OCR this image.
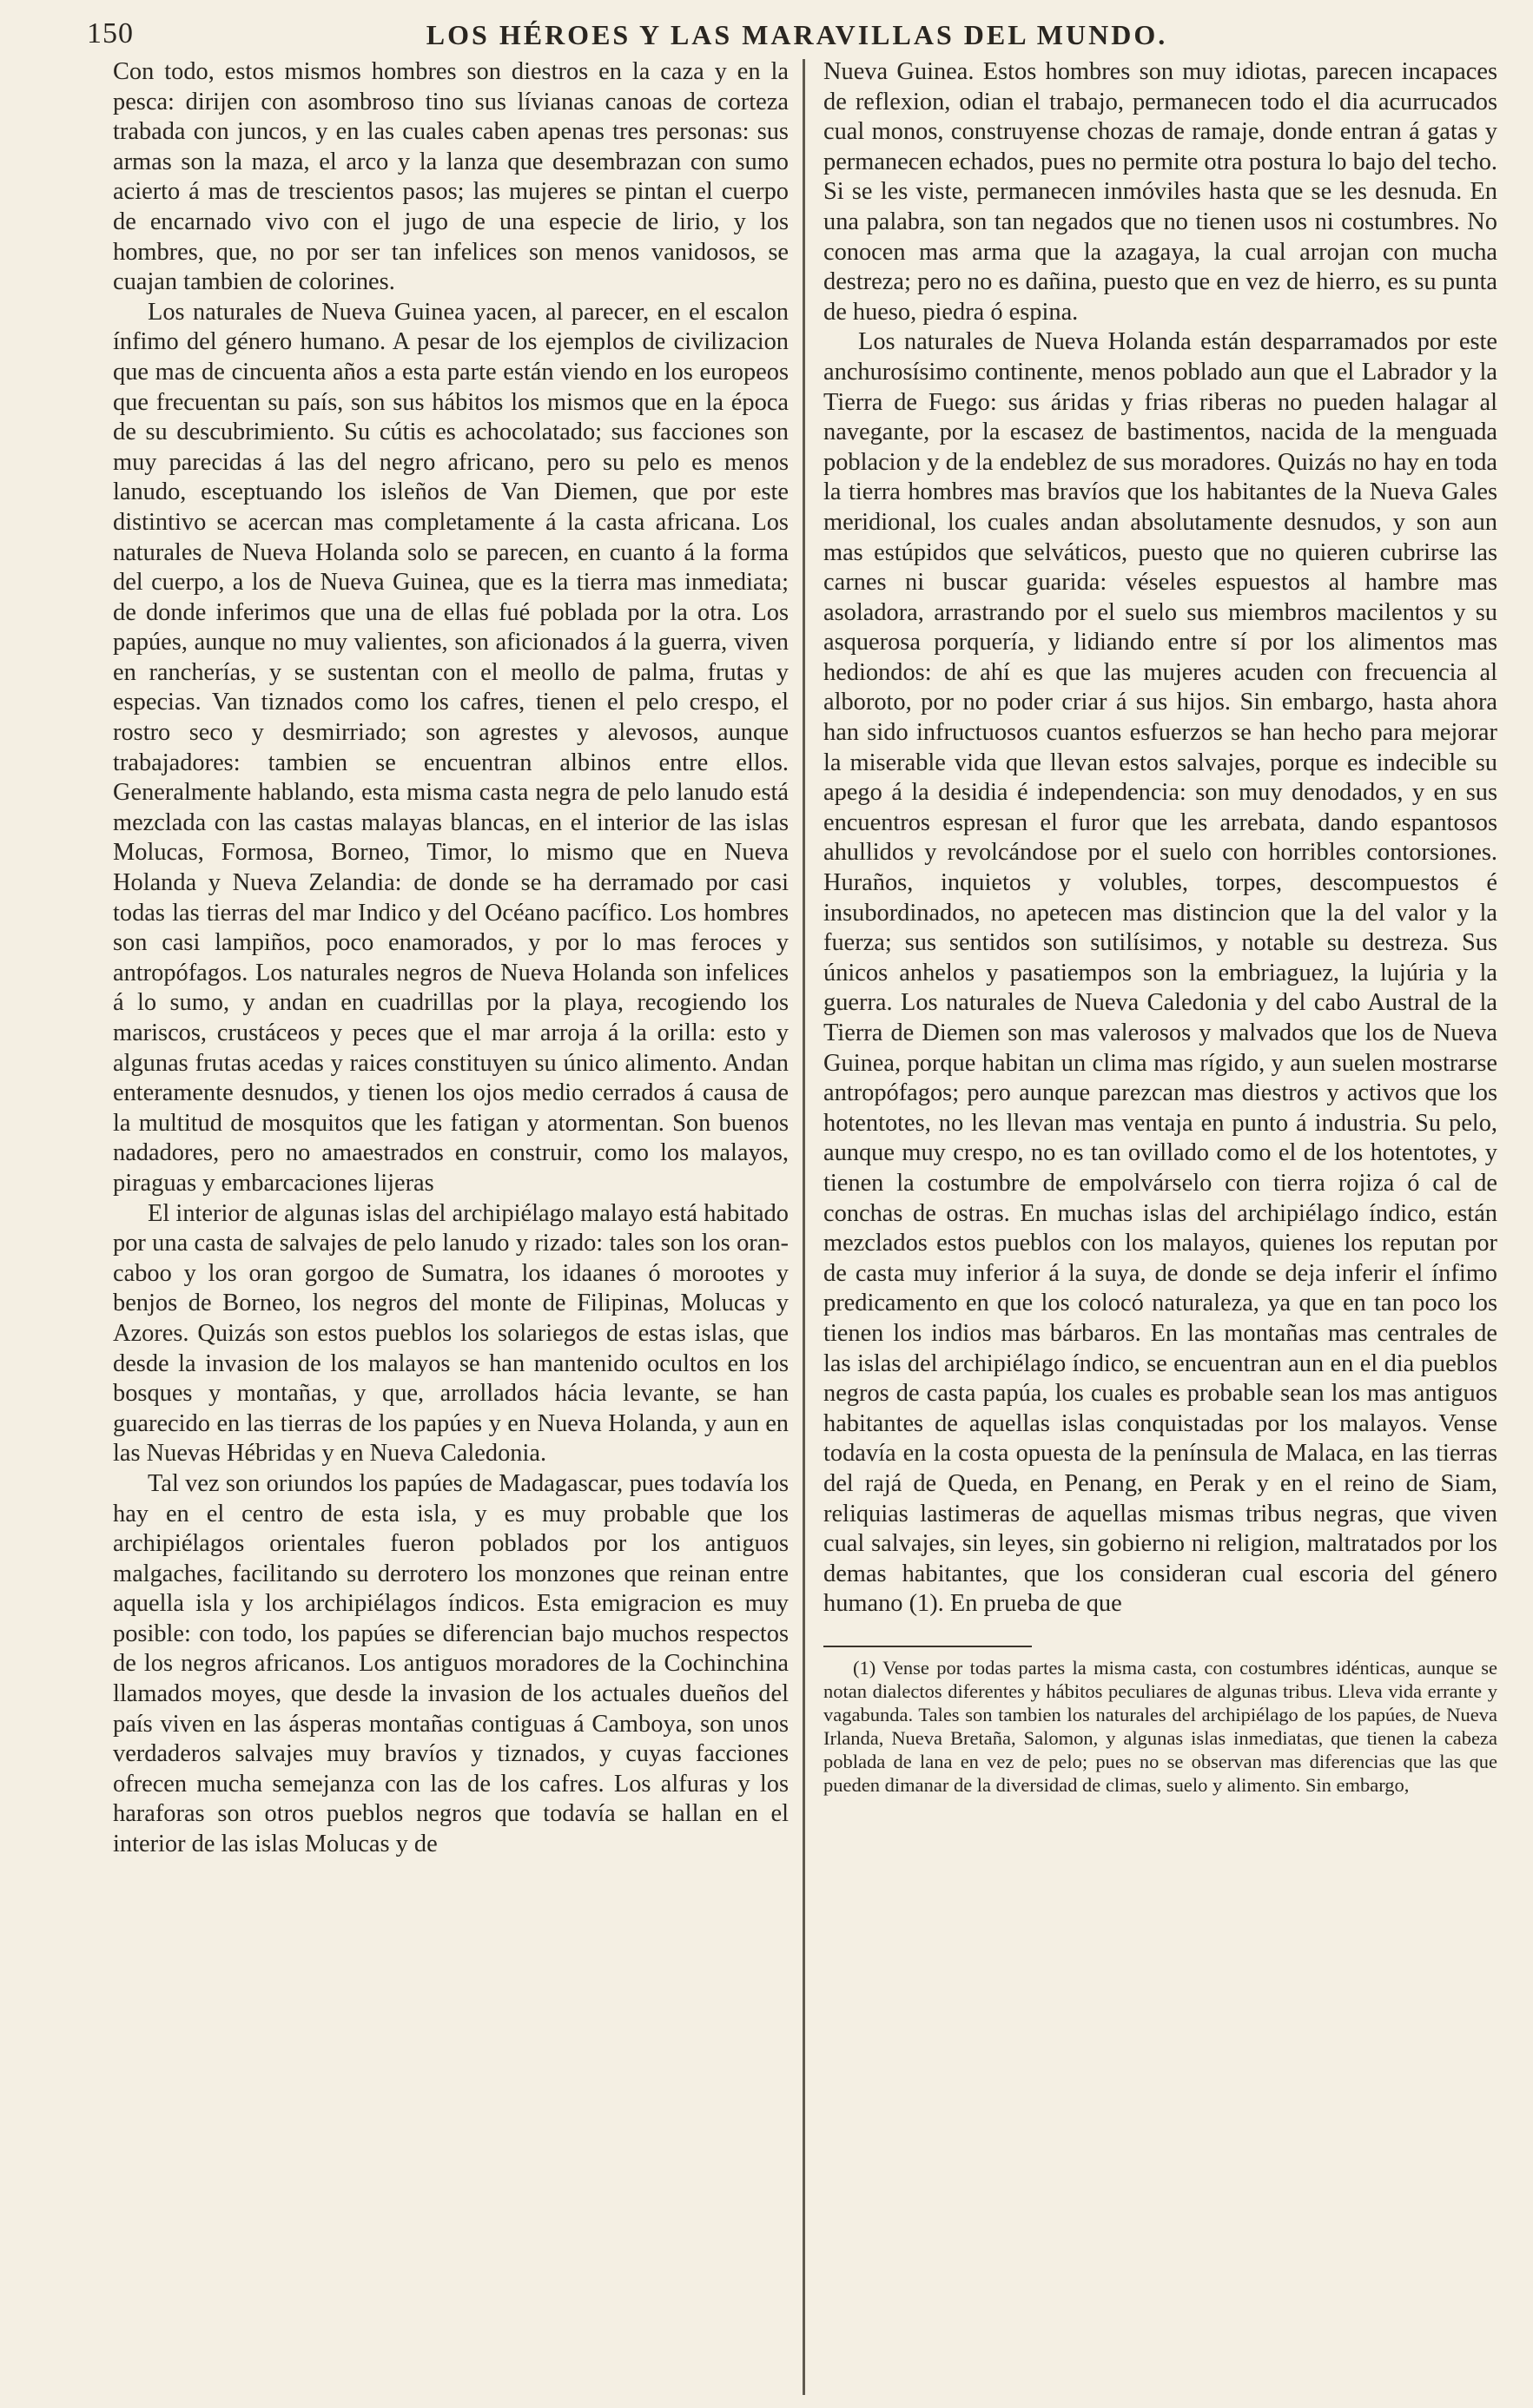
150	LOS HÉROES Y LAS MARAVILLAS DEL MUNDO.

Con todo, estos mismos hombres son diestros en la caza y en la pesca: dirijen con asombroso tino sus lívianas canoas de corteza trabada con juncos, y en las cuales caben apenas tres personas: sus armas son la maza, el arco y la lanza que desembrazan con sumo acierto á mas de trescientos pasos; las mujeres se pintan el cuerpo de encarnado vivo con el jugo de una especie de lirio, y los hombres, que, no por ser tan infelices son menos vanidosos, se cuajan tambien de colorines.

Los naturales de Nueva Guinea yacen, al parecer, en el escalon ínfimo del género humano. A pesar de los ejemplos de civilizacion que mas de cincuenta años a esta parte están viendo en los europeos que frecuentan su país, son sus hábitos los mismos que en la época de su descubrimiento. Su cútis es achocolatado; sus facciones son muy parecidas á las del negro africano, pero su pelo es menos lanudo, esceptuando los isleños de Van Diemen, que por este distintivo se acercan mas completamente á la casta africana. Los naturales de Nueva Holanda solo se parecen, en cuanto á la forma del cuerpo, a los de Nueva Guinea, que es la tierra mas inmediata; de donde inferimos que una de ellas fué poblada por la otra. Los papúes, aunque no muy valientes, son aficionados á la guerra, viven en rancherías, y se sustentan con el meollo de palma, frutas y especias. Van tiznados como los cafres, tienen el pelo crespo, el rostro seco y desmirriado; son agrestes y alevosos, aunque trabajadores: tambien se encuentran albinos entre ellos. Generalmente hablando, esta misma casta negra de pelo lanudo está mezclada con las castas malayas blancas, en el interior de las islas Molucas, Formosa, Borneo, Timor, lo mismo que en Nueva Holanda y Nueva Zelandia: de donde se ha derramado por casi todas las tierras del mar Indico y del Océano pacífico. Los hombres son casi lampiños, poco enamorados, y por lo mas feroces y antropófagos. Los naturales negros de Nueva Holanda son infelices á lo sumo, y andan en cuadrillas por la playa, recogiendo los mariscos, crustáceos y peces que el mar arroja á la orilla: esto y algunas frutas acedas y raices constituyen su único alimento. Andan enteramente desnudos, y tienen los ojos medio cerrados á causa de la multitud de mosquitos que les fatigan y atormentan. Son buenos nadadores, pero no amaestrados en construir, como los malayos, piraguas y embarcaciones lijeras

El interior de algunas islas del archipiélago malayo está habitado por una casta de salvajes de pelo lanudo y rizado: tales son los oran-caboo y los oran gorgoo de Sumatra, los idaanes ó morootes y benjos de Borneo, los negros del monte de Filipinas, Molucas y Azores. Quizás son estos pueblos los solariegos de estas islas, que desde la invasion de los malayos se han mantenido ocultos en los bosques y montañas, y que, arrollados hácia levante, se han guarecido en las tierras de los papúes y en Nueva Holanda, y aun en las Nuevas Hébridas y en Nueva Caledonia.

Tal vez son oriundos los papúes de Madagascar, pues todavía los hay en el centro de esta isla, y es muy probable que los archipiélagos orientales fueron poblados por los antiguos malgaches, facilitando su derrotero los monzones que reinan entre aquella isla y los archipiélagos índicos. Esta emigracion es muy posible: con todo, los papúes se diferencian bajo muchos respectos de los negros africanos. Los antiguos moradores de la Cochinchina llamados moyes, que desde la invasion de los actuales dueños del país viven en las ásperas montañas contiguas á Camboya, son unos verdaderos salvajes muy bravíos y tiznados, y cuyas facciones ofrecen mucha semejanza con las de los cafres. Los alfuras y los haraforas son otros pueblos negros que todavía se hallan en el interior de las islas Molucas y de

Nueva Guinea. Estos hombres son muy idiotas, parecen incapaces de reflexion, odian el trabajo, permanecen todo el dia acurrucados cual monos, construyense chozas de ramaje, donde entran á gatas y permanecen echados, pues no permite otra postura lo bajo del techo. Si se les viste, permanecen inmóviles hasta que se les desnuda. En una palabra, son tan negados que no tienen usos ni costumbres. No conocen mas arma que la azagaya, la cual arrojan con mucha destreza; pero no es dañina, puesto que en vez de hierro, es su punta de hueso, piedra ó espina.

Los naturales de Nueva Holanda están desparramados por este anchurosísimo continente, menos poblado aun que el Labrador y la Tierra de Fuego: sus áridas y frias riberas no pueden halagar al navegante, por la escasez de bastimentos, nacida de la menguada poblacion y de la endeblez de sus moradores. Quizás no hay en toda la tierra hombres mas bravíos que los habitantes de la Nueva Gales meridional, los cuales andan absolutamente desnudos, y son aun mas estúpidos que selváticos, puesto que no quieren cubrirse las carnes ni buscar guarida: véseles espuestos al hambre mas asoladora, arrastrando por el suelo sus miembros macilentos y su asquerosa porquería, y lidiando entre sí por los alimentos mas hediondos: de ahí es que las mujeres acuden con frecuencia al alboroto, por no poder criar á sus hijos. Sin embargo, hasta ahora han sido infructuosos cuantos esfuerzos se han hecho para mejorar la miserable vida que llevan estos salvajes, porque es indecible su apego á la desidia é independencia: son muy denodados, y en sus encuentros espresan el furor que les arrebata, dando espantosos ahullidos y revolcándose por el suelo con horribles contorsiones. Huraños, inquietos y volubles, torpes, descompuestos é insubordinados, no apetecen mas distincion que la del valor y la fuerza; sus sentidos son sutilísimos, y notable su destreza. Sus únicos anhelos y pasatiempos son la embriaguez, la lujúria y la guerra. Los naturales de Nueva Caledonia y del cabo Austral de la Tierra de Diemen son mas valerosos y malvados que los de Nueva Guinea, porque habitan un clima mas rígido, y aun suelen mostrarse antropófagos; pero aunque parezcan mas diestros y activos que los hotentotes, no les llevan mas ventaja en punto á industria. Su pelo, aunque muy crespo, no es tan ovillado como el de los hotentotes, y tienen la costumbre de empolvárselo con tierra rojiza ó cal de conchas de ostras. En muchas islas del archipiélago índico, están mezclados estos pueblos con los malayos, quienes los reputan por de casta muy inferior á la suya, de donde se deja inferir el ínfimo predicamento en que los colocó naturaleza, ya que en tan poco los tienen los indios mas bárbaros. En las montañas mas centrales de las islas del archipiélago índico, se encuentran aun en el dia pueblos negros de casta papúa, los cuales es probable sean los mas antiguos habitantes de aquellas islas conquistadas por los malayos. Vense todavía en la costa opuesta de la península de Malaca, en las tierras del rajá de Queda, en Penang, en Perak y en el reino de Siam, reliquias lastimeras de aquellas mismas tribus negras, que viven cual salvajes, sin leyes, sin gobierno ni religion, maltratados por los demas habitantes, que los consideran cual escoria del género humano (1). En prueba de que

(1) Vense por todas partes la misma casta, con costumbres idénticas, aunque se notan dialectos diferentes y hábitos peculiares de algunas tribus. Lleva vida errante y vagabunda. Tales son tambien los naturales del archipiélago de los papúes, de Nueva Irlanda, Nueva Bretaña, Salomon, y algunas islas inmediatas, que tienen la cabeza poblada de lana en vez de pelo; pues no se observan mas diferencias que las que pueden dimanar de la diversidad de climas, suelo y alimento. Sin embargo,
